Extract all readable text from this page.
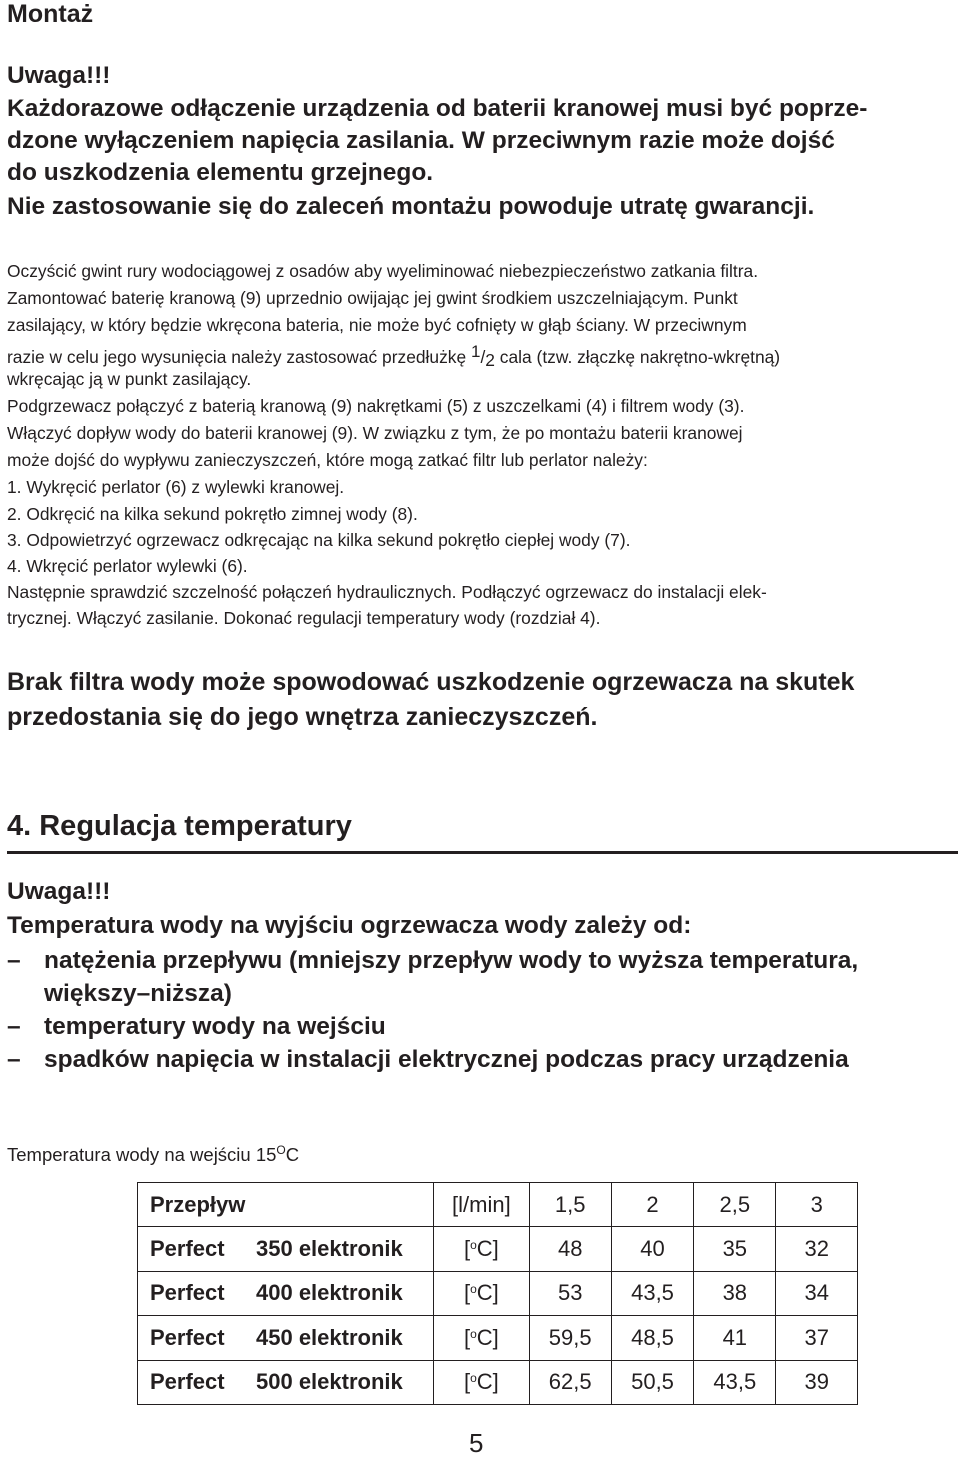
Montaż
Uwaga!!!
Każdorazowe odłączenie urządzenia od baterii kranowej musi być poprze-
dzone wyłączeniem napięcia zasilania. W przeciwnym razie może dojść
do uszkodzenia elementu grzejnego.
Nie zastosowanie się do zaleceń montażu powoduje utratę gwarancji.
Oczyścić gwint rury wodociągowej z osadów aby wyeliminować niebezpieczeństwo zatkania filtra.
Zamontować baterię kranową (9) uprzednio owijając jej gwint środkiem uszczelniającym. Punkt
zasilający, w który będzie wkręcona bateria, nie może być cofnięty w głąb ściany. W przeciwnym
razie w celu jego wysunięcia należy zastosować przedłużkę $^1$/2 cala (tzw. złączkę nakrętno-wkrętną)
wkręcając ją w punkt zasilający.
Podgrzewacz połączyć z baterią kranową (9) nakrętkami (5) z uszczelkami (4) i filtrem wody (3).
Włączyć dopływ wody do baterii kranowej (9). W związku z tym, że po montażu baterii kranowej
może dojść do wypływu zanieczyszczeń, które mogą zatkać filtr lub perlator należy:
1. Wykręcić perlator (6) z wylewki kranowej.
2. Odkręcić na kilka sekund pokrętło zimnej wody (8).
3. Odpowietrzyć ogrzewacz odkręcając na kilka sekund pokrętło ciepłej wody (7).
4. Wkręcić perlator wylewki (6).
Następnie sprawdzić szczelność połączeń hydraulicznych. Podłączyć ogrzewacz do instalacji elek-
trycznej. Włączyć zasilanie. Dokonać regulacji temperatury wody (rozdział 4).
Brak filtra wody może spowodować uszkodzenie ogrzewacza na skutek
przedostania się do jego wnętrza zanieczyszczeń.
4. Regulacja temperatury
Uwaga!!!
Temperatura wody na wyjściu ogrzewacza wody zależy od:
– natężenia przepływu (mniejszy przepływ wody to wyższa temperatura,
większy–niższa)
– temperatury wody na wejściu
– spadków napięcia w instalacji elektrycznej podczas pracy urządzenia
Temperatura wody na wejściu $15^OC$
Przepływ	[l/min]	1,5	2	2,5	3
Perfect 350 elektronik	[$^o$C]	48	40	35	32
Perfect 400 elektronik	[$^o$C]	53	43,5	38	34
Perfect 450 elektronik	[$^o$C]	59,5	48,5	41	37
Perfect 500 elektronik	[$^o$C]	62,5	50,5	43,5	39
5
